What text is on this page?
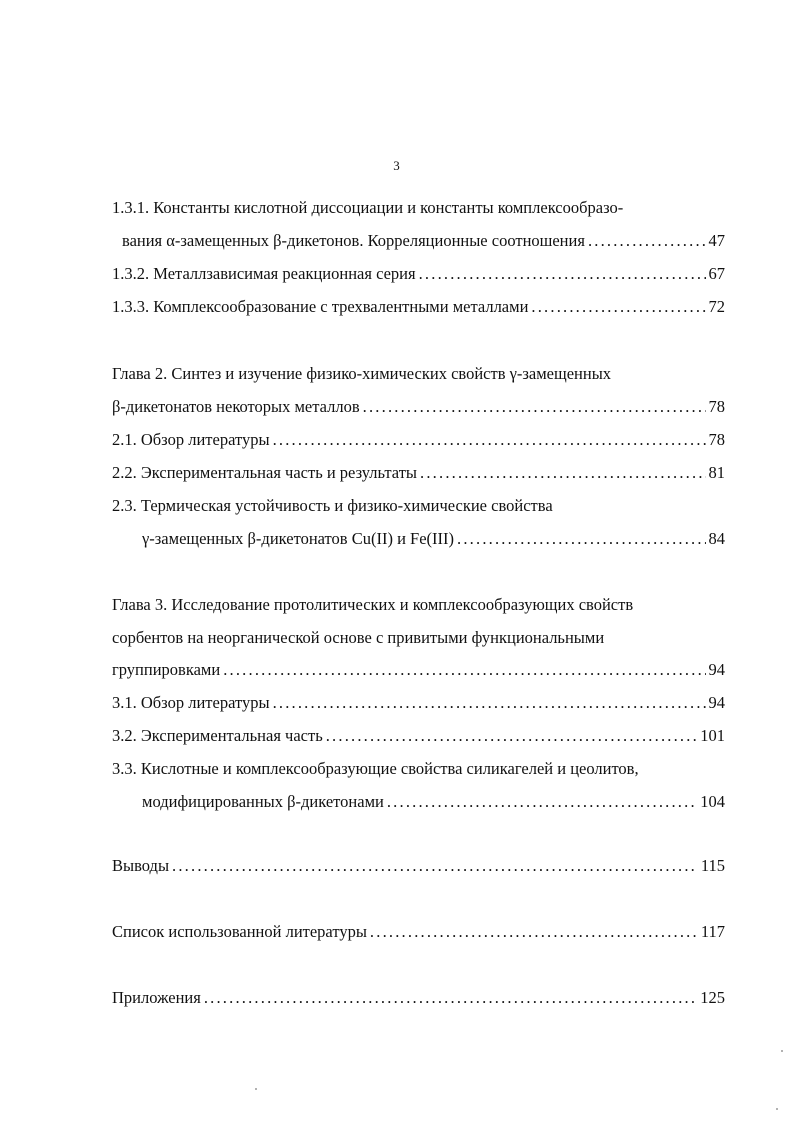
3
1.3.1. Константы кислотной диссоциации и константы комплексообразо-
вания α-замещенных β-дикетонов. Корреляционные соотношения .....	47
1.3.2. Металлзависимая реакционная серия .....	67
1.3.3. Комплексообразование с трехвалентными металлами .....	72
Глава 2. Синтез и изучение физико-химических свойств γ-замещенных
β-дикетонатов некоторых металлов .....	78
2.1. Обзор литературы .....	78
2.2. Экспериментальная часть и результаты .....	81
2.3. Термическая устойчивость и физико-химические свойства
γ-замещенных β-дикетонатов Cu(II) и Fe(III) .....	84
Глава 3. Исследование протолитических и комплексообразующих свойств
сорбентов на неорганической основе с привитыми функциональными
группировками .....	94
3.1. Обзор литературы .....	94
3.2. Экспериментальная часть .....	101
3.3. Кислотные и комплексообразующие свойства силикагелей и цеолитов,
модифицированных β-дикетонами .....	104
Выводы .....	115
Список использованной литературы .....	117
Приложения .....	125
